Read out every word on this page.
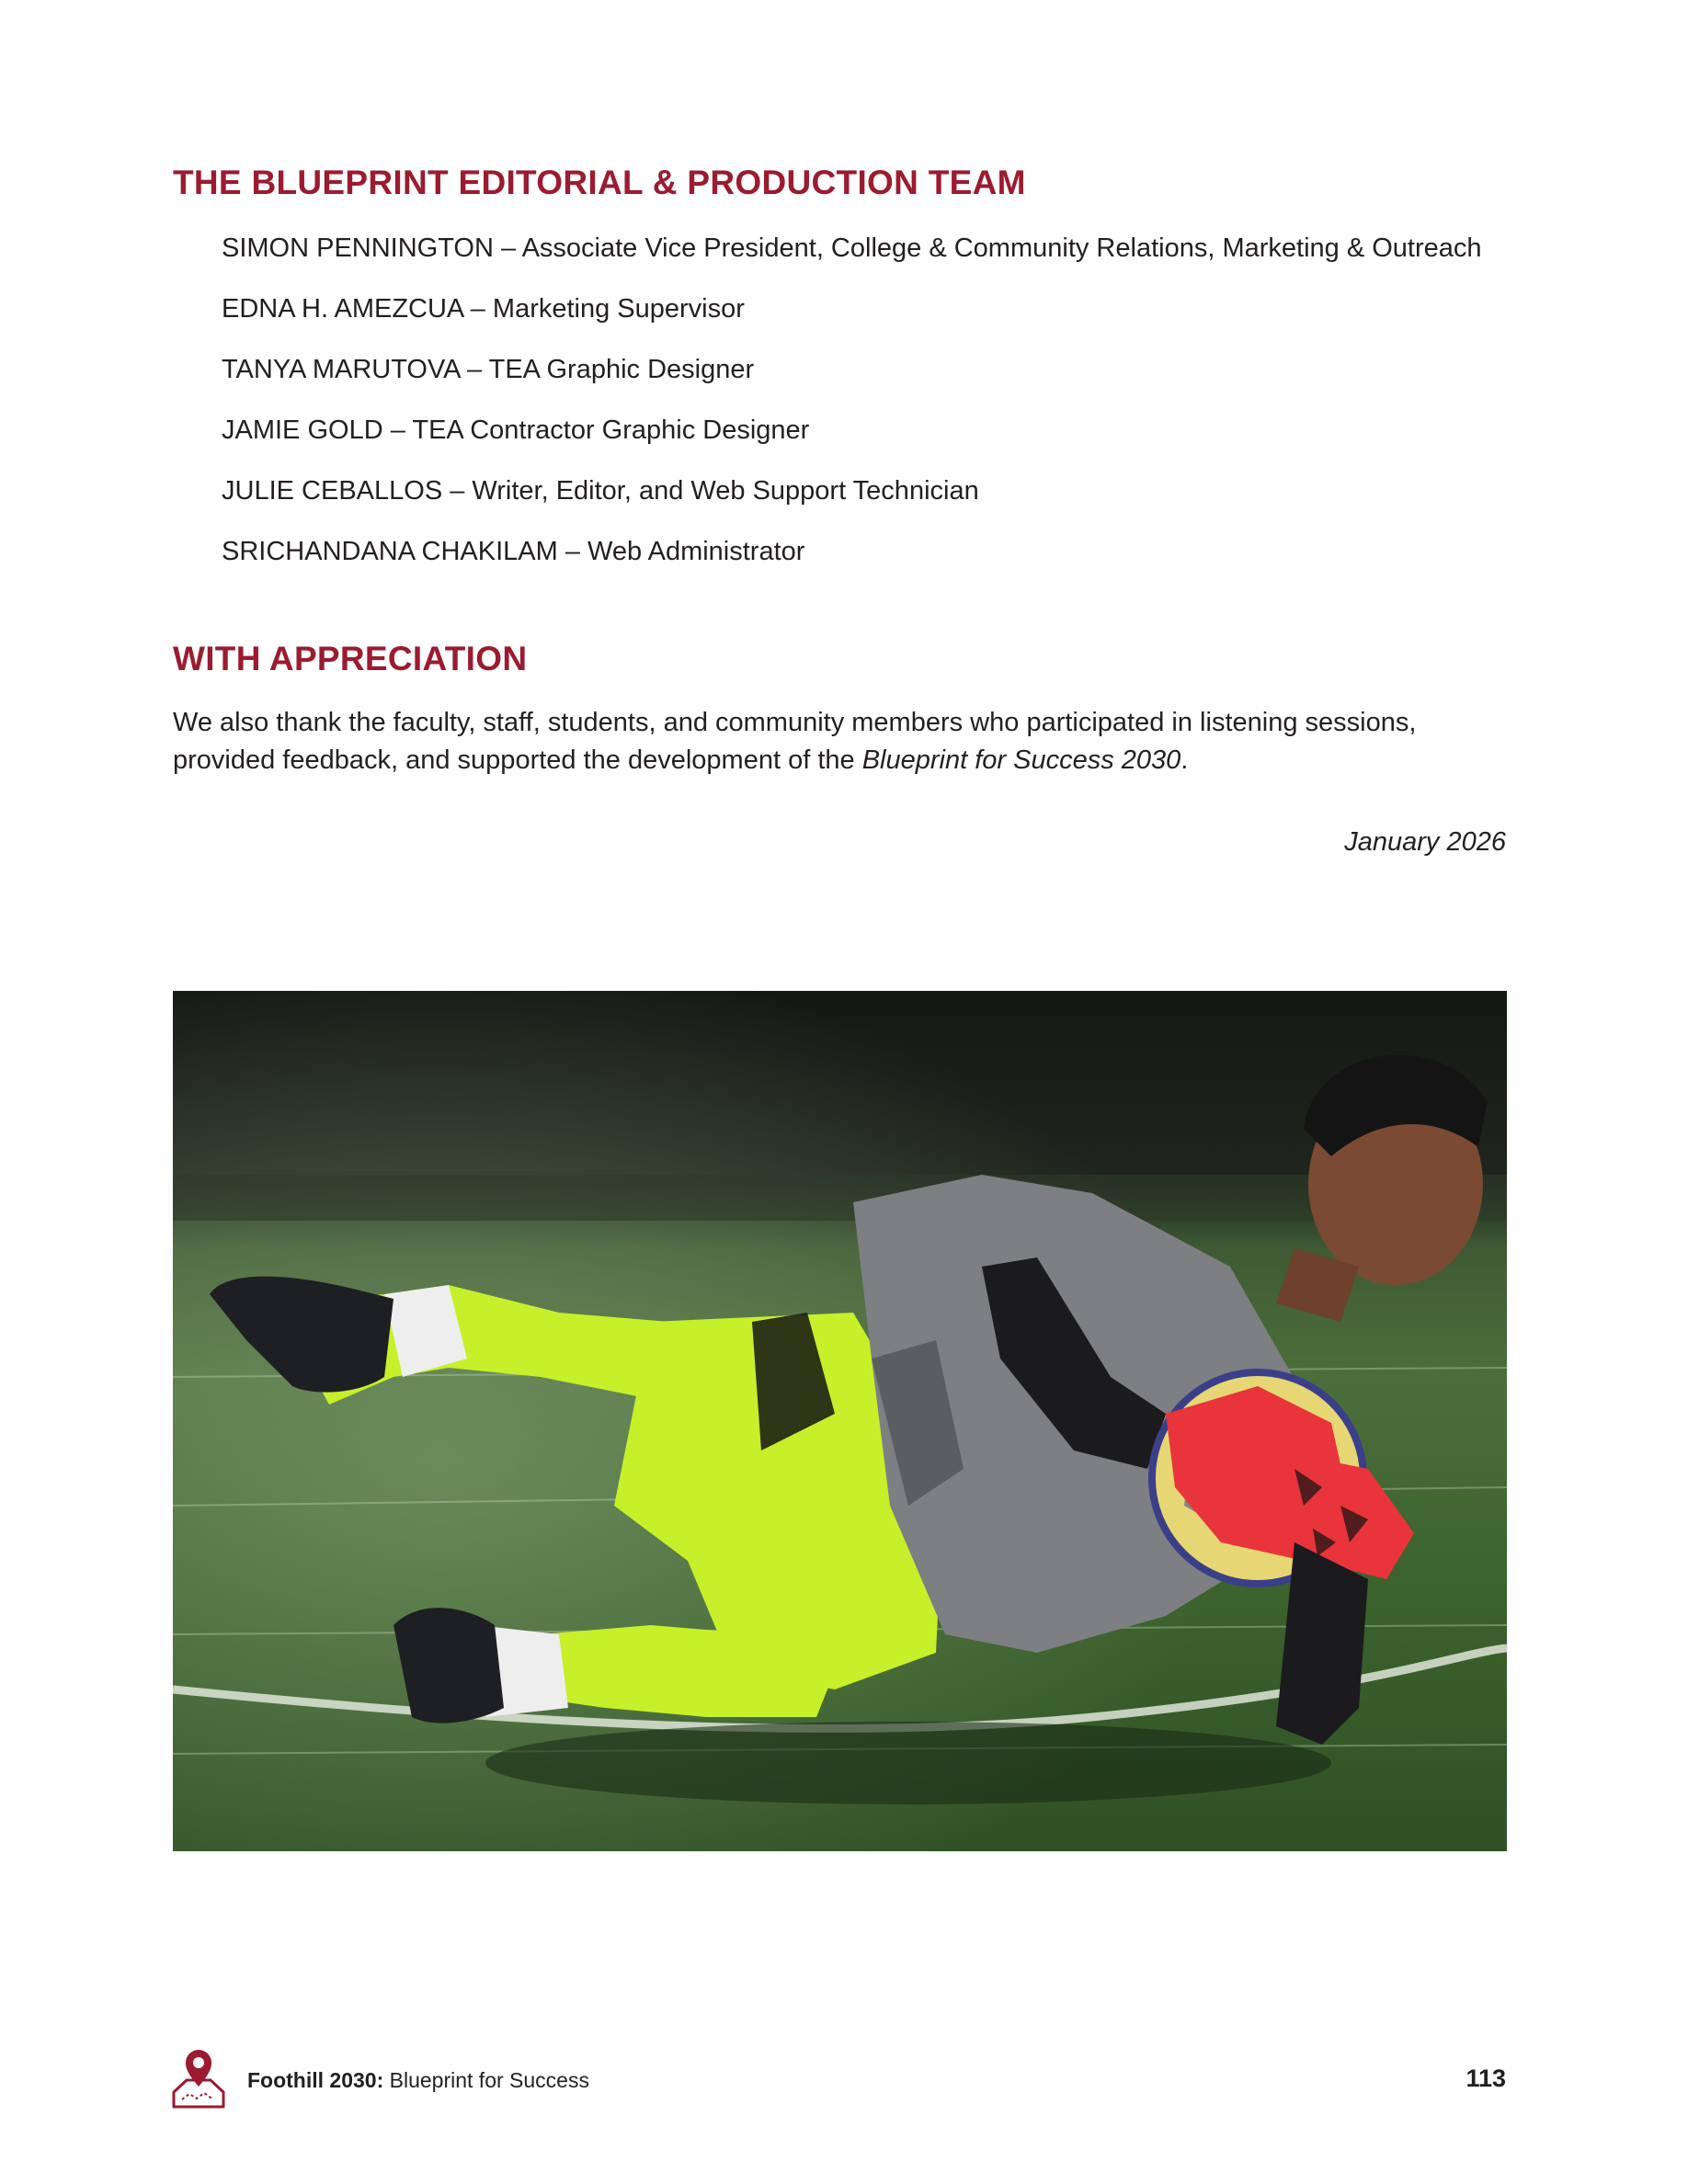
THE BLUEPRINT EDITORIAL & PRODUCTION TEAM
SIMON PENNINGTON – Associate Vice President, College & Community Relations, Marketing & Outreach
EDNA H. AMEZCUA – Marketing Supervisor
TANYA MARUTOVA – TEA Graphic Designer
JAMIE GOLD – TEA Contractor Graphic Designer
JULIE CEBALLOS – Writer, Editor, and Web Support Technician
SRICHANDANA CHAKILAM – Web Administrator
WITH APPRECIATION

We also thank the faculty, staff, students, and community members who participated in listening sessions, provided feedback, and supported the development of the Blueprint for Success 2030.

January 2026

Foothill 2030: Blueprint for Success	113
